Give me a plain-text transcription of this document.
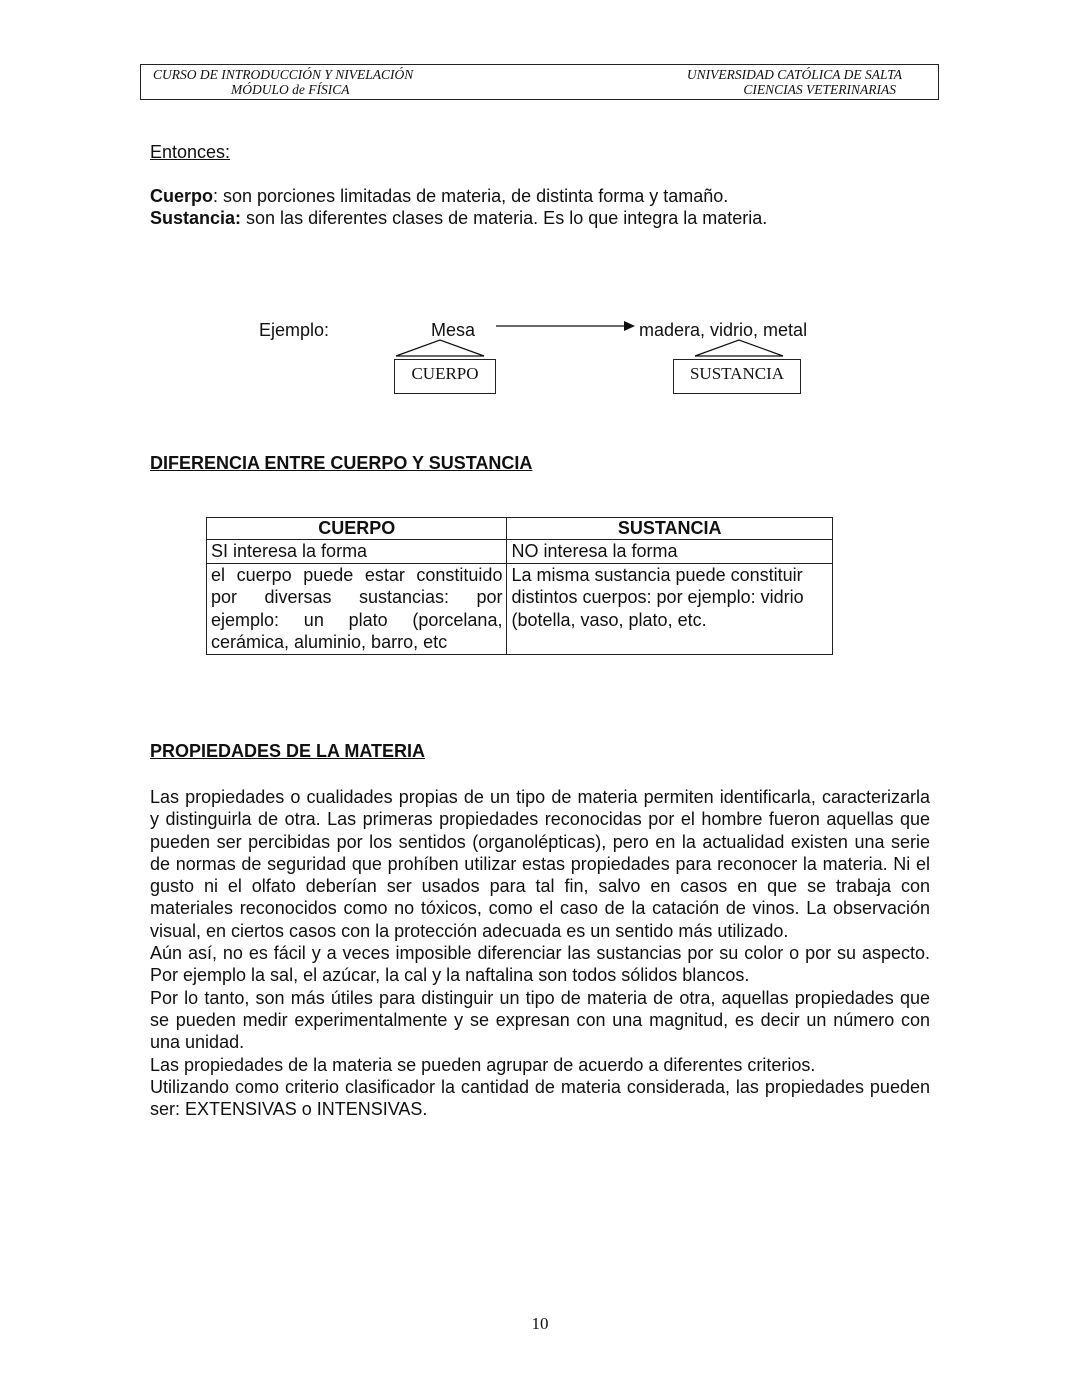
CURSO DE INTRODUCCIÓN Y NIVELACIÓN
MÓDULO de FÍSICA
UNIVERSIDAD CATÓLICA DE SALTA
CIENCIAS VETERINARIAS
Entonces:
Cuerpo: son porciones limitadas de materia, de distinta forma y tamaño.
Sustancia: son las diferentes clases de materia. Es lo que integra la materia.
Ejemplo:	Mesa	madera, vidrio, metal
CUERPO	SUSTANCIA
DIFERENCIA ENTRE CUERPO Y SUSTANCIA
CUERPO	SUSTANCIA
SI interesa la forma	NO interesa la forma
el cuerpo puede estar constituido por diversas sustancias: por ejemplo: un plato (porcelana, cerámica, aluminio, barro, etc	La misma sustancia puede constituir distintos cuerpos: por ejemplo: vidrio (botella, vaso, plato, etc.
PROPIEDADES DE LA MATERIA

Las propiedades o cualidades propias de un tipo de materia permiten identificarla, caracterizarla y distinguirla de otra. Las primeras propiedades reconocidas por el hombre fueron aquellas que pueden ser percibidas por los sentidos (organolépticas), pero en la actualidad existen una serie de normas de seguridad que prohíben utilizar estas propiedades para reconocer la materia. Ni el gusto ni el olfato deberían ser usados para tal fin, salvo en casos en que se trabaja con materiales reconocidos como no tóxicos, como el caso de la catación de vinos. La observación visual, en ciertos casos con la protección adecuada es un sentido más utilizado.

Aún así, no es fácil y a veces imposible diferenciar las sustancias por su color o por su aspecto. Por ejemplo la sal, el azúcar, la cal y la naftalina son todos sólidos blancos.

Por lo tanto, son más útiles para distinguir un tipo de materia de otra, aquellas propiedades que se pueden medir experimentalmente y se expresan con una magnitud, es decir un número con una unidad.

Las propiedades de la materia se pueden agrupar de acuerdo a diferentes criterios.

Utilizando como criterio clasificador la cantidad de materia considerada, las propiedades pueden ser: EXTENSIVAS o INTENSIVAS.

10
